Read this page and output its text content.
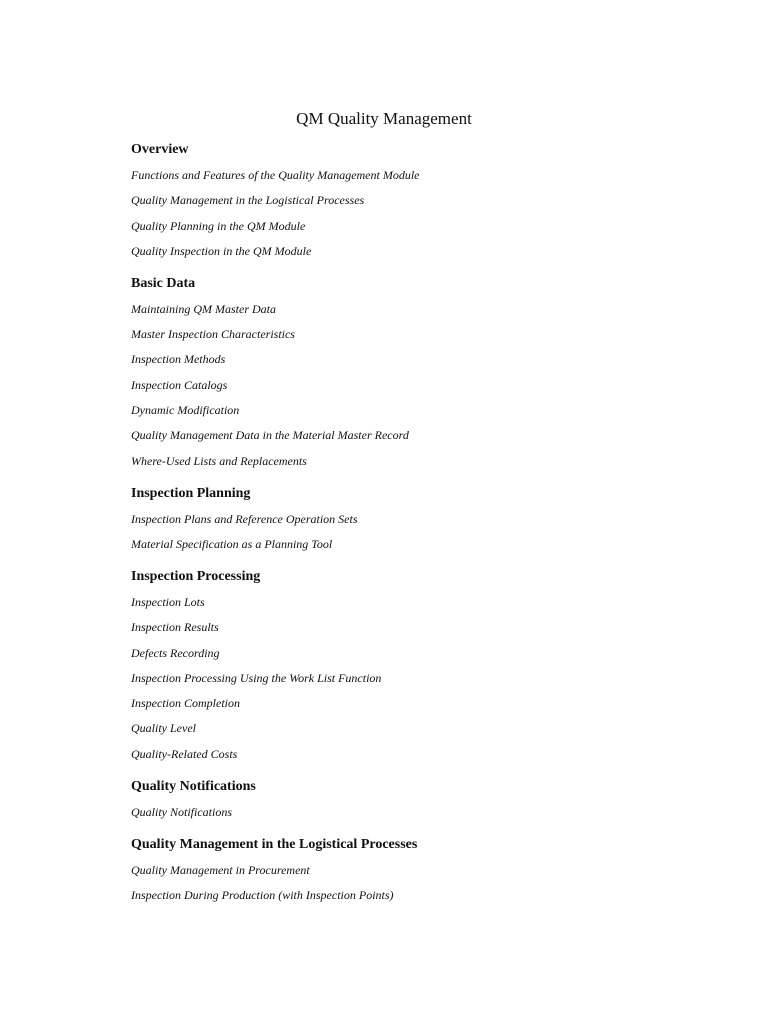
QM Quality Management
Overview
Functions and Features of the Quality Management Module
Quality Management in the Logistical Processes
Quality Planning in the QM Module
Quality Inspection in the QM Module
Basic Data
Maintaining QM Master Data
Master Inspection Characteristics
Inspection Methods
Inspection Catalogs
Dynamic Modification
Quality Management Data in the Material Master Record
Where-Used Lists and Replacements
Inspection Planning
Inspection Plans and Reference Operation Sets
Material Specification as a Planning Tool
Inspection Processing
Inspection Lots
Inspection Results
Defects Recording
Inspection Processing Using the Work List Function
Inspection Completion
Quality Level
Quality-Related Costs
Quality Notifications
Quality Notifications
Quality Management in the Logistical Processes
Quality Management in Procurement
Inspection During Production (with Inspection Points)
